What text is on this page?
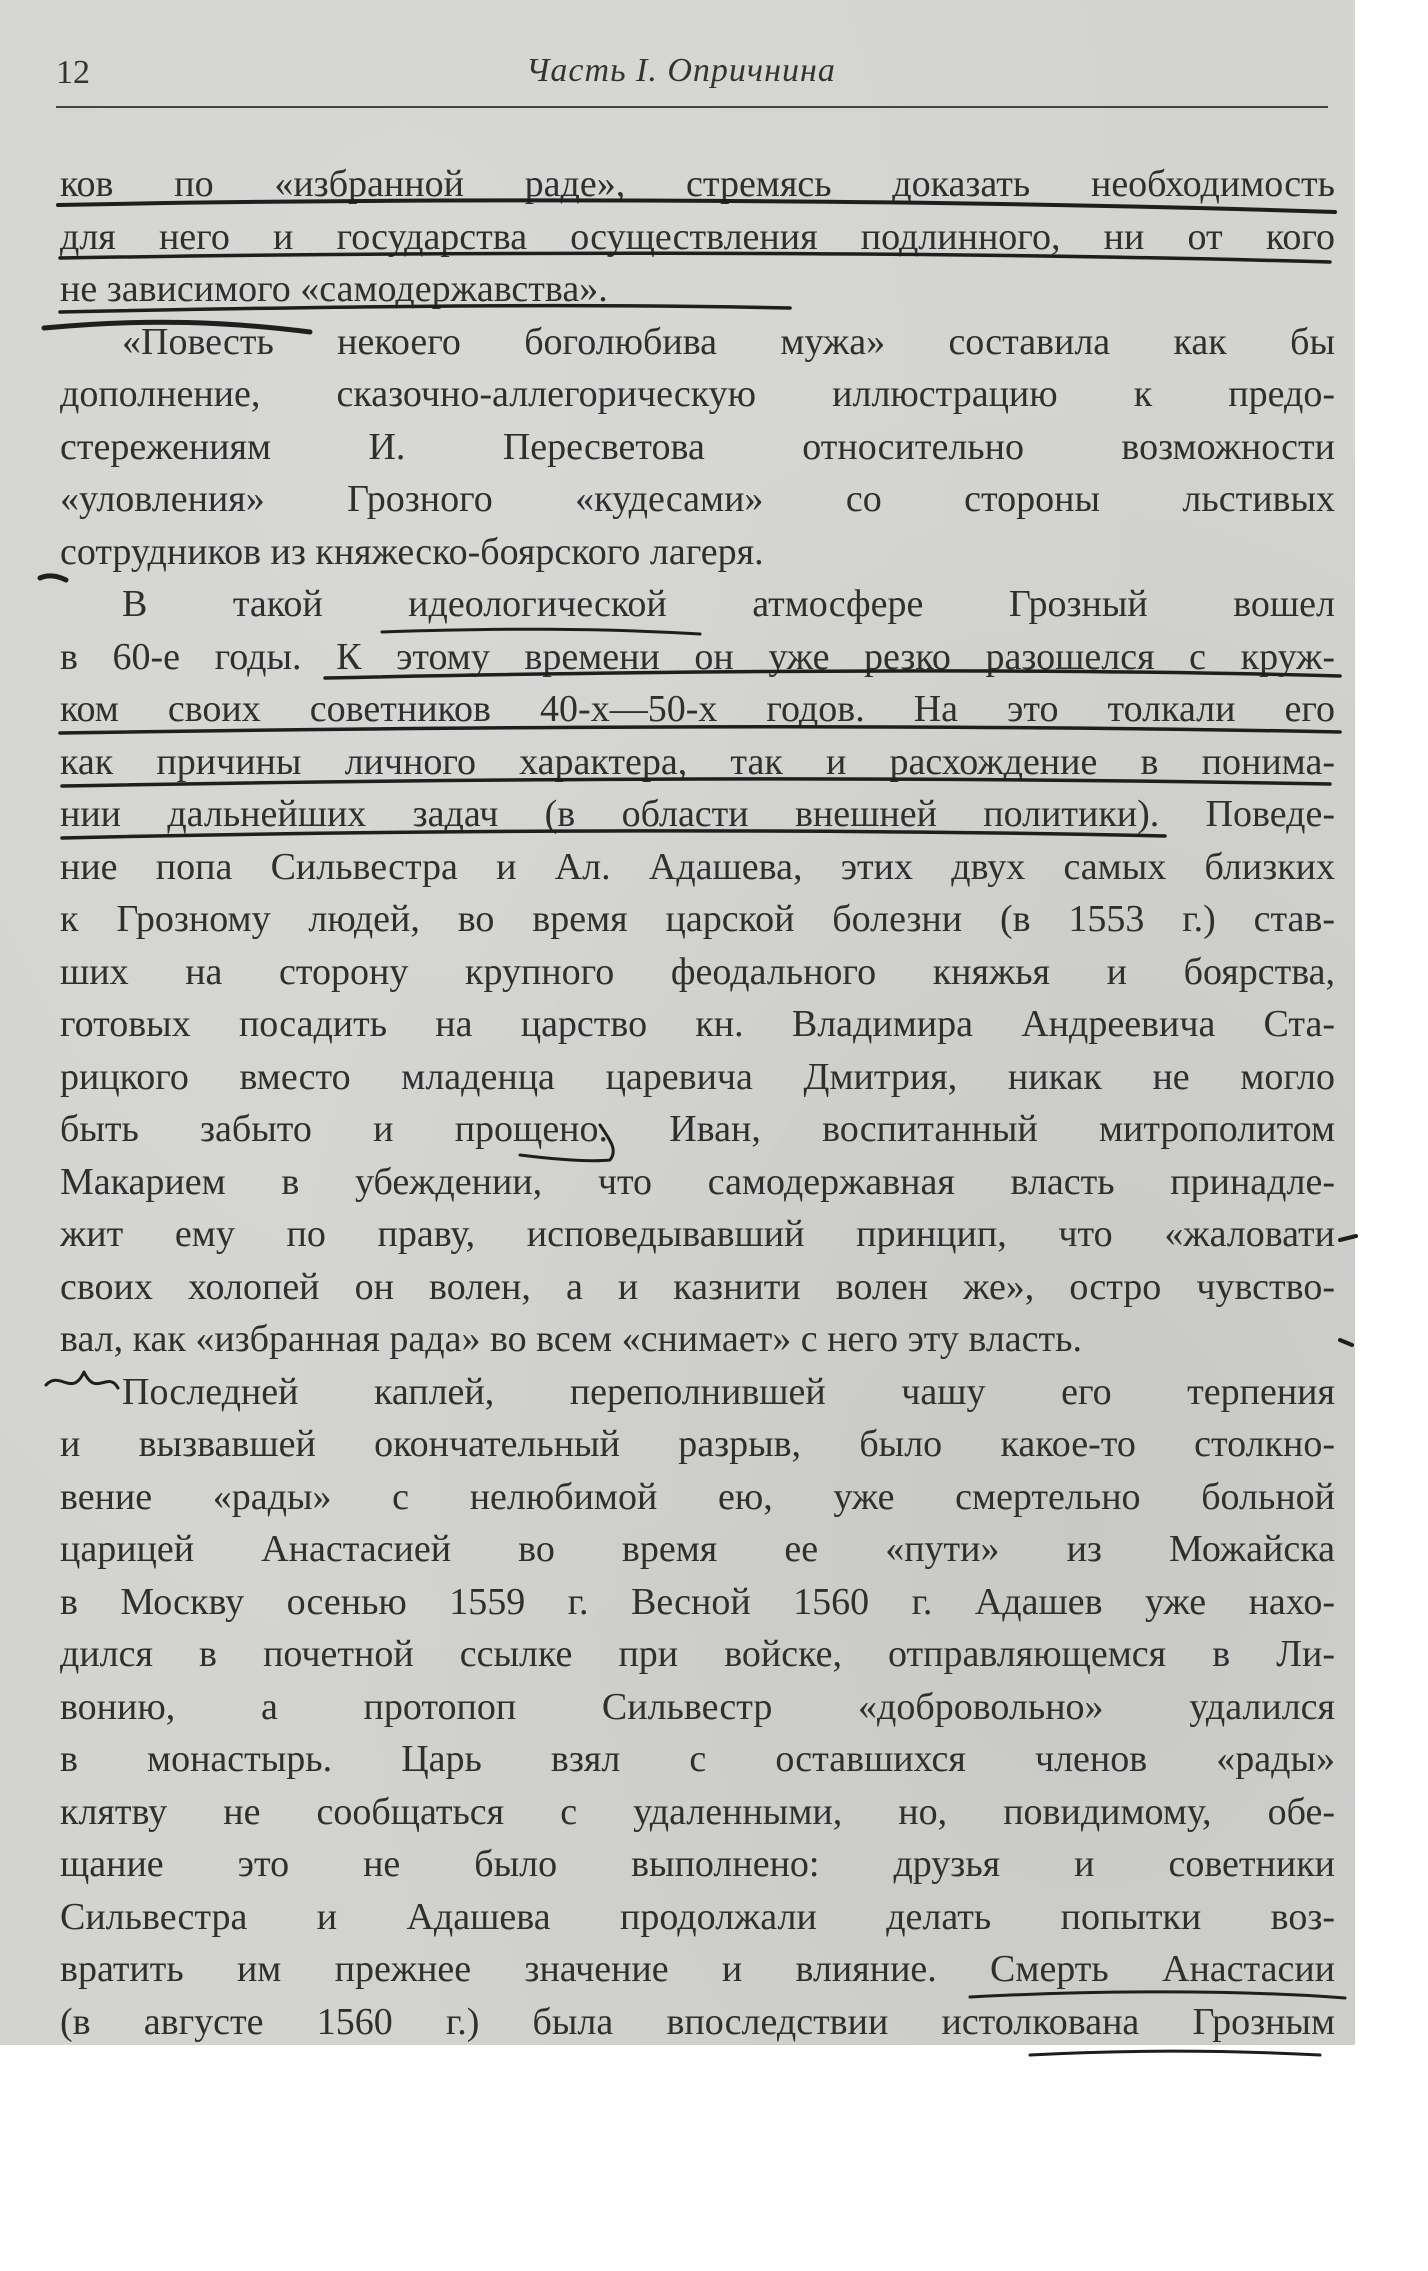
12	Часть I. Опричнина
ков по «избранной раде», стремясь доказать необходимость
для него и государства осуществления подлинного, ни от кого
не зависимого «самодержавства».
«Повесть некоего боголюбива мужа» составила как бы
дополнение, сказочно-аллегорическую иллюстрацию к предо-
стережениям И. Пересветова относительно возможности
«уловления» Грозного «кудесами» со стороны льстивых
сотрудников из княжеско-боярского лагеря.
В такой идеологической атмосфере Грозный вошел
в 60-е годы. К этому времени он уже резко разошелся с круж-
ком своих советников 40-х—50-х годов. На это толкали его
как причины личного характера, так и расхождение в понима-
нии дальнейших задач (в области внешней политики). Поведе-
ние попа Сильвестра и Ал. Адашева, этих двух самых близких
к Грозному людей, во время царской болезни (в 1553 г.) став-
ших на сторону крупного феодального княжья и боярства,
готовых посадить на царство кн. Владимира Андреевича Ста-
рицкого вместо младенца царевича Дмитрия, никак не могло
быть забыто и прощено. Иван, воспитанный митрополитом
Макарием в убеждении, что самодержавная власть принадле-
жит ему по праву, исповедывавший принцип, что «жаловати
своих холопей он волен, а и казнити волен же», остро чувство-
вал, как «избранная рада» во всем «снимает» с него эту власть.
Последней каплей, переполнившей чашу его терпения
и вызвавшей окончательный разрыв, было какое-то столкно-
вение «рады» с нелюбимой ею, уже смертельно больной
царицей Анастасией во время ее «пути» из Можайска
в Москву осенью 1559 г. Весной 1560 г. Адашев уже нахо-
дился в почетной ссылке при войске, отправляющемся в Ли-
вонию, а протопоп Сильвестр «добровольно» удалился
в монастырь. Царь взял с оставшихся членов «рады»
клятву не сообщаться с удаленными, но, повидимому, обе-
щание это не было выполнено: друзья и советники
Сильвестра и Адашева продолжали делать попытки воз-
вратить им прежнее значение и влияние. Смерть Анастасии
(в августе 1560 г.) была впоследствии истолкована Грозным
